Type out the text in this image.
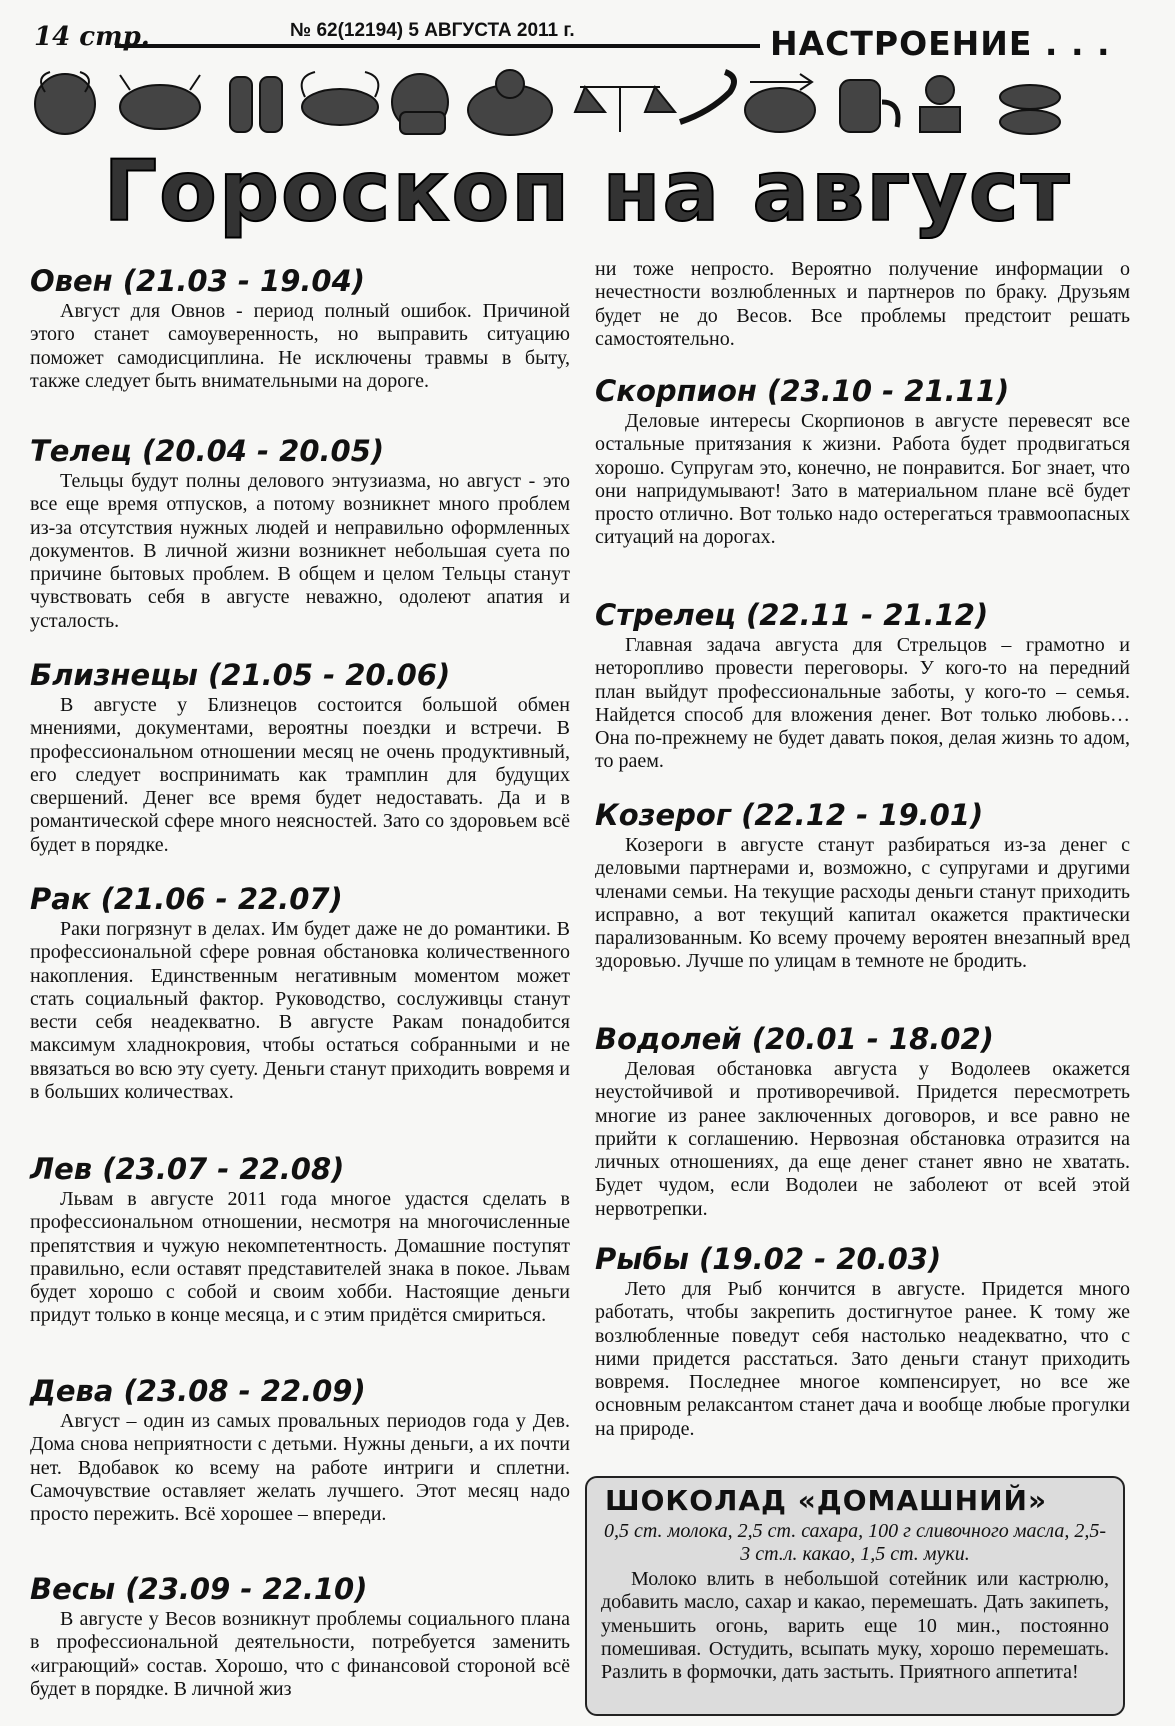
14 стр.	№ 62(12194) 5 АВГУСТА 2011 г.	НАСТРОЕНИЕ . . .
Гороскоп на август
Овен (21.03 - 19.04)

Август для Овнов - период полный ошибок. Причиной этого станет самоуверенность, но выправить ситуацию поможет самодисциплина. Не исключены травмы в быту, также следует быть внимательными на дороге.

Телец (20.04 - 20.05)

Тельцы будут полны делового энтузиазма, но август - это все еще время отпусков, а потому возникнет много проблем из-за отсутствия нужных людей и неправильно оформленных документов. В личной жизни возникнет небольшая суета по причине бытовых проблем. В общем и целом Тельцы станут чувствовать себя в августе неважно, одолеют апатия и усталость.

Близнецы (21.05 - 20.06)

В августе у Близнецов состоится большой обмен мнениями, документами, вероятны поездки и встречи. В профессиональном отношении месяц не очень продуктивный, его следует воспринимать как трамплин для будущих свершений. Денег все время будет недоставать. Да и в романтической сфере много неясностей. Зато со здоровьем всё будет в порядке.

Рак (21.06 - 22.07)

Раки погрязнут в делах. Им будет даже не до романтики. В профессиональной сфере ровная обстановка количественного накопления. Единственным негативным моментом может стать социальный фактор. Руководство, сослуживцы станут вести себя неадекватно. В августе Ракам понадобится максимум хладнокровия, чтобы остаться собранными и не ввязаться во всю эту суету. Деньги станут приходить вовремя и в больших количествах.

Лев (23.07 - 22.08)

Львам в августе 2011 года многое удастся сделать в профессиональном отношении, несмотря на многочисленные препятствия и чужую некомпетентность. Домашние поступят правильно, если оставят представителей знака в покое. Львам будет хорошо с собой и своим хобби. Настоящие деньги придут только в конце месяца, и с этим придётся смириться.

Дева (23.08 - 22.09)

Август – один из самых провальных периодов года у Дев. Дома снова неприятности с детьми. Нужны деньги, а их почти нет. Вдобавок ко всему на работе интриги и сплетни. Самочувствие оставляет желать лучшего. Этот месяц надо просто пережить. Всё хорошее – впереди.

Весы (23.09 - 22.10)

В августе у Весов возникнут проблемы социального плана в профессиональной деятельности, потребуется заменить «играющий» состав. Хорошо, что с финансовой стороной всё будет в порядке. В личной жиз

ни тоже непросто. Вероятно получение информации о нечестности возлюбленных и партнеров по браку. Друзьям будет не до Весов. Все проблемы предстоит решать самостоятельно.

Скорпион (23.10 - 21.11)

Деловые интересы Скорпионов в августе перевесят все остальные притязания к жизни. Работа будет продвигаться хорошо. Супругам это, конечно, не понравится. Бог знает, что они напридумывают! Зато в материальном плане всё будет просто отлично. Вот только надо остерегаться травмоопасных ситуаций на дорогах.

Стрелец (22.11 - 21.12)

Главная задача августа для Стрельцов – грамотно и неторопливо провести переговоры. У кого-то на передний план выйдут профессиональные заботы, у кого-то – семья. Найдется способ для вложения денег. Вот только любовь… Она по-прежнему не будет давать покоя, делая жизнь то адом, то раем.

Козерог (22.12 - 19.01)

Козероги в августе станут разбираться из-за денег с деловыми партнерами и, возможно, с супругами и другими членами семьи. На текущие расходы деньги станут приходить исправно, а вот текущий капитал окажется практически парализованным. Ко всему прочему вероятен внезапный вред здоровью. Лучше по улицам в темноте не бродить.

Водолей (20.01 - 18.02)

Деловая обстановка августа у Водолеев окажется неустойчивой и противоречивой. Придется пересмотреть многие из ранее заключенных договоров, и все равно не прийти к соглашению. Нервозная обстановка отразится на личных отношениях, да еще денег станет явно не хватать. Будет чудом, если Водолеи не заболеют от всей этой нервотрепки.

Рыбы (19.02 - 20.03)

Лето для Рыб кончится в августе. Придется много работать, чтобы закрепить достигнутое ранее. К тому же возлюбленные поведут себя настолько неадекватно, что с ними придется расстаться. Зато деньги станут приходить вовремя. Последнее многое компенсирует, но все же основным релаксантом станет дача и вообще любые прогулки на природе.

ШОКОЛАД «ДОМАШНИЙ»

0,5 ст. молока, 2,5 ст. сахара, 100 г сливочного масла, 2,5-3 ст.л. какао, 1,5 ст. муки.

Молоко влить в небольшой сотейник или кастрюлю, добавить масло, сахар и какао, перемешать. Дать закипеть, уменьшить огонь, варить еще 10 мин., постоянно помешивая. Остудить, всыпать муку, хорошо перемешать. Разлить в формочки, дать застыть. Приятного аппетита!
